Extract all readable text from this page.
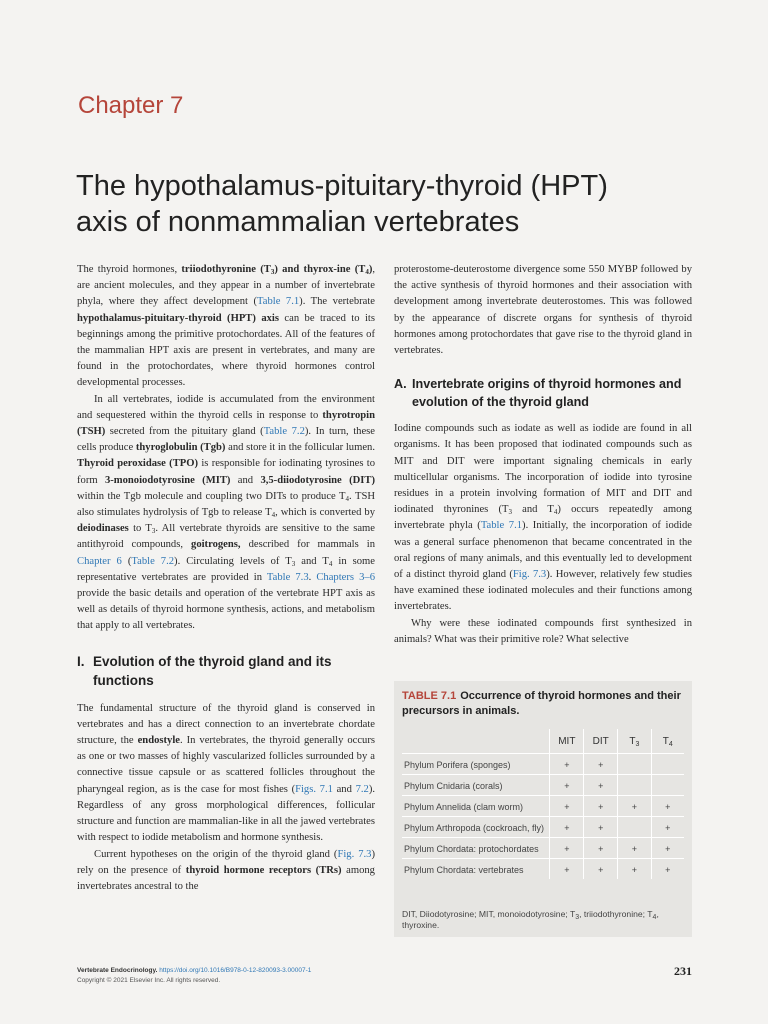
Chapter 7
The hypothalamus-pituitary-thyroid (HPT)
axis of nonmammalian vertebrates

The thyroid hormones, triiodothyronine $(T_3)$ and thyrox-ine $(T_4)$, are ancient molecules, and they appear in a number of invertebrate phyla, where they affect development (Table 7.1). The vertebrate hypothalamus-pituitary-thyroid (HPT) axis can be traced to its beginnings among the primitive protochordates. All of the features of the mammalian HPT axis are present in vertebrates, and many are found in the protochordates, where thyroid hormones control developmental processes.

In all vertebrates, iodide is accumulated from the environment and sequestered within the thyroid cells in response to thyrotropin (TSH) secreted from the pituitary gland (Table 7.2). In turn, these cells produce thyroglobulin (Tgb) and store it in the follicular lumen. Thyroid peroxidase (TPO) is responsible for iodinating tyrosines to form 3-monoiodotyrosine (MIT) and 3,5-diiodotyrosine (DIT) within the Tgb molecule and coupling two DITs to produce $T_4$. TSH also stimulates hydrolysis of Tgb to release $T_4$, which is converted by deiodinases to $T_3$. All vertebrate thyroids are sensitive to the same antithyroid compounds, goitrogens, described for mammals in Chapter 6 (Table 7.2). Circulating levels of $T_3$ and $T_4$ in some representative vertebrates are provided in Table 7.3. Chapters 3–6 provide the basic details and operation of the vertebrate HPT axis as well as details of thyroid hormone synthesis, actions, and metabolism that apply to all vertebrates.

I. Evolution of the thyroid gland and its functions

The fundamental structure of the thyroid gland is conserved in vertebrates and has a direct connection to an invertebrate chordate structure, the endostyle. In vertebrates, the thyroid generally occurs as one or two masses of highly vascularized follicles surrounded by a connective tissue capsule or as scattered follicles throughout the pharyngeal region, as is the case for most fishes (Figs. 7.1 and 7.2). Regardless of any gross morphological differences, follicular structure and function are mammalian-like in all the jawed vertebrates with respect to iodide metabolism and hormone synthesis.

Current hypotheses on the origin of the thyroid gland (Fig. 7.3) rely on the presence of thyroid hormone receptors (TRs) among invertebrates ancestral to the

proterostome-deuterostome divergence some 550 MYBP followed by the active synthesis of thyroid hormones and their association with development among invertebrate deuterostomes. This was followed by the appearance of discrete organs for synthesis of thyroid hormones among protochordates that gave rise to the thyroid gland in vertebrates.

A. Invertebrate origins of thyroid hormones and evolution of the thyroid gland

Iodine compounds such as iodate as well as iodide are found in all organisms. It has been proposed that iodinated compounds such as MIT and DIT were important signaling chemicals in early multicellular organisms. The incorporation of iodide into tyrosine residues in a protein involving formation of MIT and DIT and iodinated thyronines ($T_3$ and $T_4$) occurs repeatedly among invertebrate phyla (Table 7.1). Initially, the incorporation of iodide was a general surface phenomenon that became concentrated in the oral regions of many animals, and this eventually led to development of a distinct thyroid gland (Fig. 7.3). However, relatively few studies have examined these iodinated molecules and their functions among invertebrates.

Why were these iodinated compounds first synthesized in animals? What was their primitive role? What selective

TABLE 7.1 Occurrence of thyroid hormones and their precursors in animals.
	MIT	DIT	$T_3$	$T_4$
Phylum Porifera (sponges)	+	+		
Phylum Cnidaria (corals)	+	+		
Phylum Annelida (clam worm)	+	+	+	+
Phylum Arthropoda (cockroach, fly)	+	+		+
Phylum Chordata: protochordates	+	+	+	+
Phylum Chordata: vertebrates	+	+	+	+
DIT, Diiodotyrosine; MIT, monoiodotyrosine; $T_3$, triiodothyronine; $T_4$, thyroxine.
Vertebrate Endocrinology. https://doi.org/10.1016/B978-0-12-820093-3.00007-1
Copyright © 2021 Elsevier Inc. All rights reserved.
231
